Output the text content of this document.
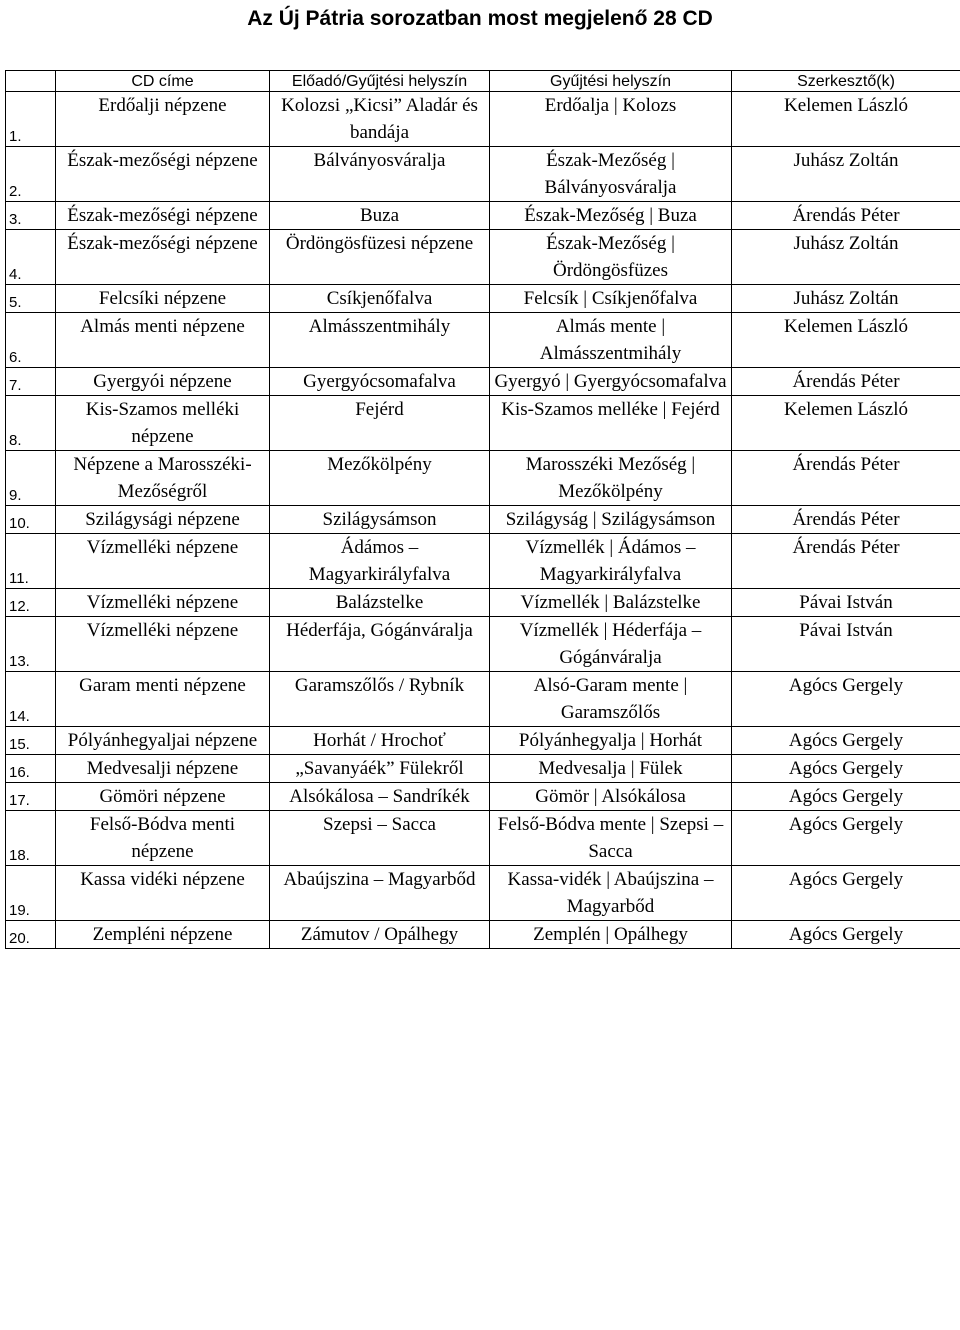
Az Új Pátria sorozatban most megjelenő 28 CD
	CD címe	Előadó/Gyűjtési helyszín	Gyűjtési helyszín	Szerkesztő(k)
1.	Erdőalji népzene	Kolozsi „Kicsi” Aladár és bandája	Erdőalja | Kolozs	Kelemen László
2.	Észak-mezőségi népzene	Bálványosváralja	Észak-Mezőség | Bálványosváralja	Juhász Zoltán
3.	Észak-mezőségi népzene	Buza	Észak-Mezőség | Buza	Árendás Péter
4.	Észak-mezőségi népzene	Ördöngösfüzesi népzene	Észak-Mezőség | Ördöngösfüzes	Juhász Zoltán
5.	Felcsíki népzene	Csíkjenőfalva	Felcsík | Csíkjenőfalva	Juhász Zoltán
6.	Almás menti népzene	Almásszentmihály	Almás mente | Almásszentmihály	Kelemen László
7.	Gyergyói népzene	Gyergyócsomafalva	Gyergyó | Gyergyócsomafalva	Árendás Péter
8.	Kis-Szamos melléki népzene	Fejérd	Kis-Szamos melléke | Fejérd	Kelemen László
9.	Népzene a Marosszéki-Mezőségről	Mezőkölpény	Marosszéki Mezőség | Mezőkölpény	Árendás Péter
10.	Szilágysági népzene	Szilágysámson	Szilágyság | Szilágysámson	Árendás Péter
11.	Vízmelléki népzene	Ádámos – Magyarkirályfalva	Vízmellék | Ádámos – Magyarkirályfalva	Árendás Péter
12.	Vízmelléki népzene	Balázstelke	Vízmellék | Balázstelke	Pávai István
13.	Vízmelléki népzene	Héderfája, Gógánváralja	Vízmellék | Héderfája – Gógánváralja	Pávai István
14.	Garam menti népzene	Garamszőlős / Rybník	Alsó-Garam mente | Garamszőlős	Agócs Gergely
15.	Pólyánhegyaljai népzene	Horhát / Hrochoť	Pólyánhegyalja | Horhát	Agócs Gergely
16.	Medvesalji népzene	„Savanyáék” Fülekről	Medvesalja | Fülek	Agócs Gergely
17.	Gömöri népzene	Alsókálosa – Sandríkék	Gömör | Alsókálosa	Agócs Gergely
18.	Felső-Bódva menti népzene	Szepsi – Sacca	Felső-Bódva mente | Szepsi – Sacca	Agócs Gergely
19.	Kassa vidéki népzene	Abaújszina – Magyarbőd	Kassa-vidék | Abaújszina – Magyarbőd	Agócs Gergely
20.	Zempléni népzene	Zámutov / Opálhegy	Zemplén | Opálhegy	Agócs Gergely
